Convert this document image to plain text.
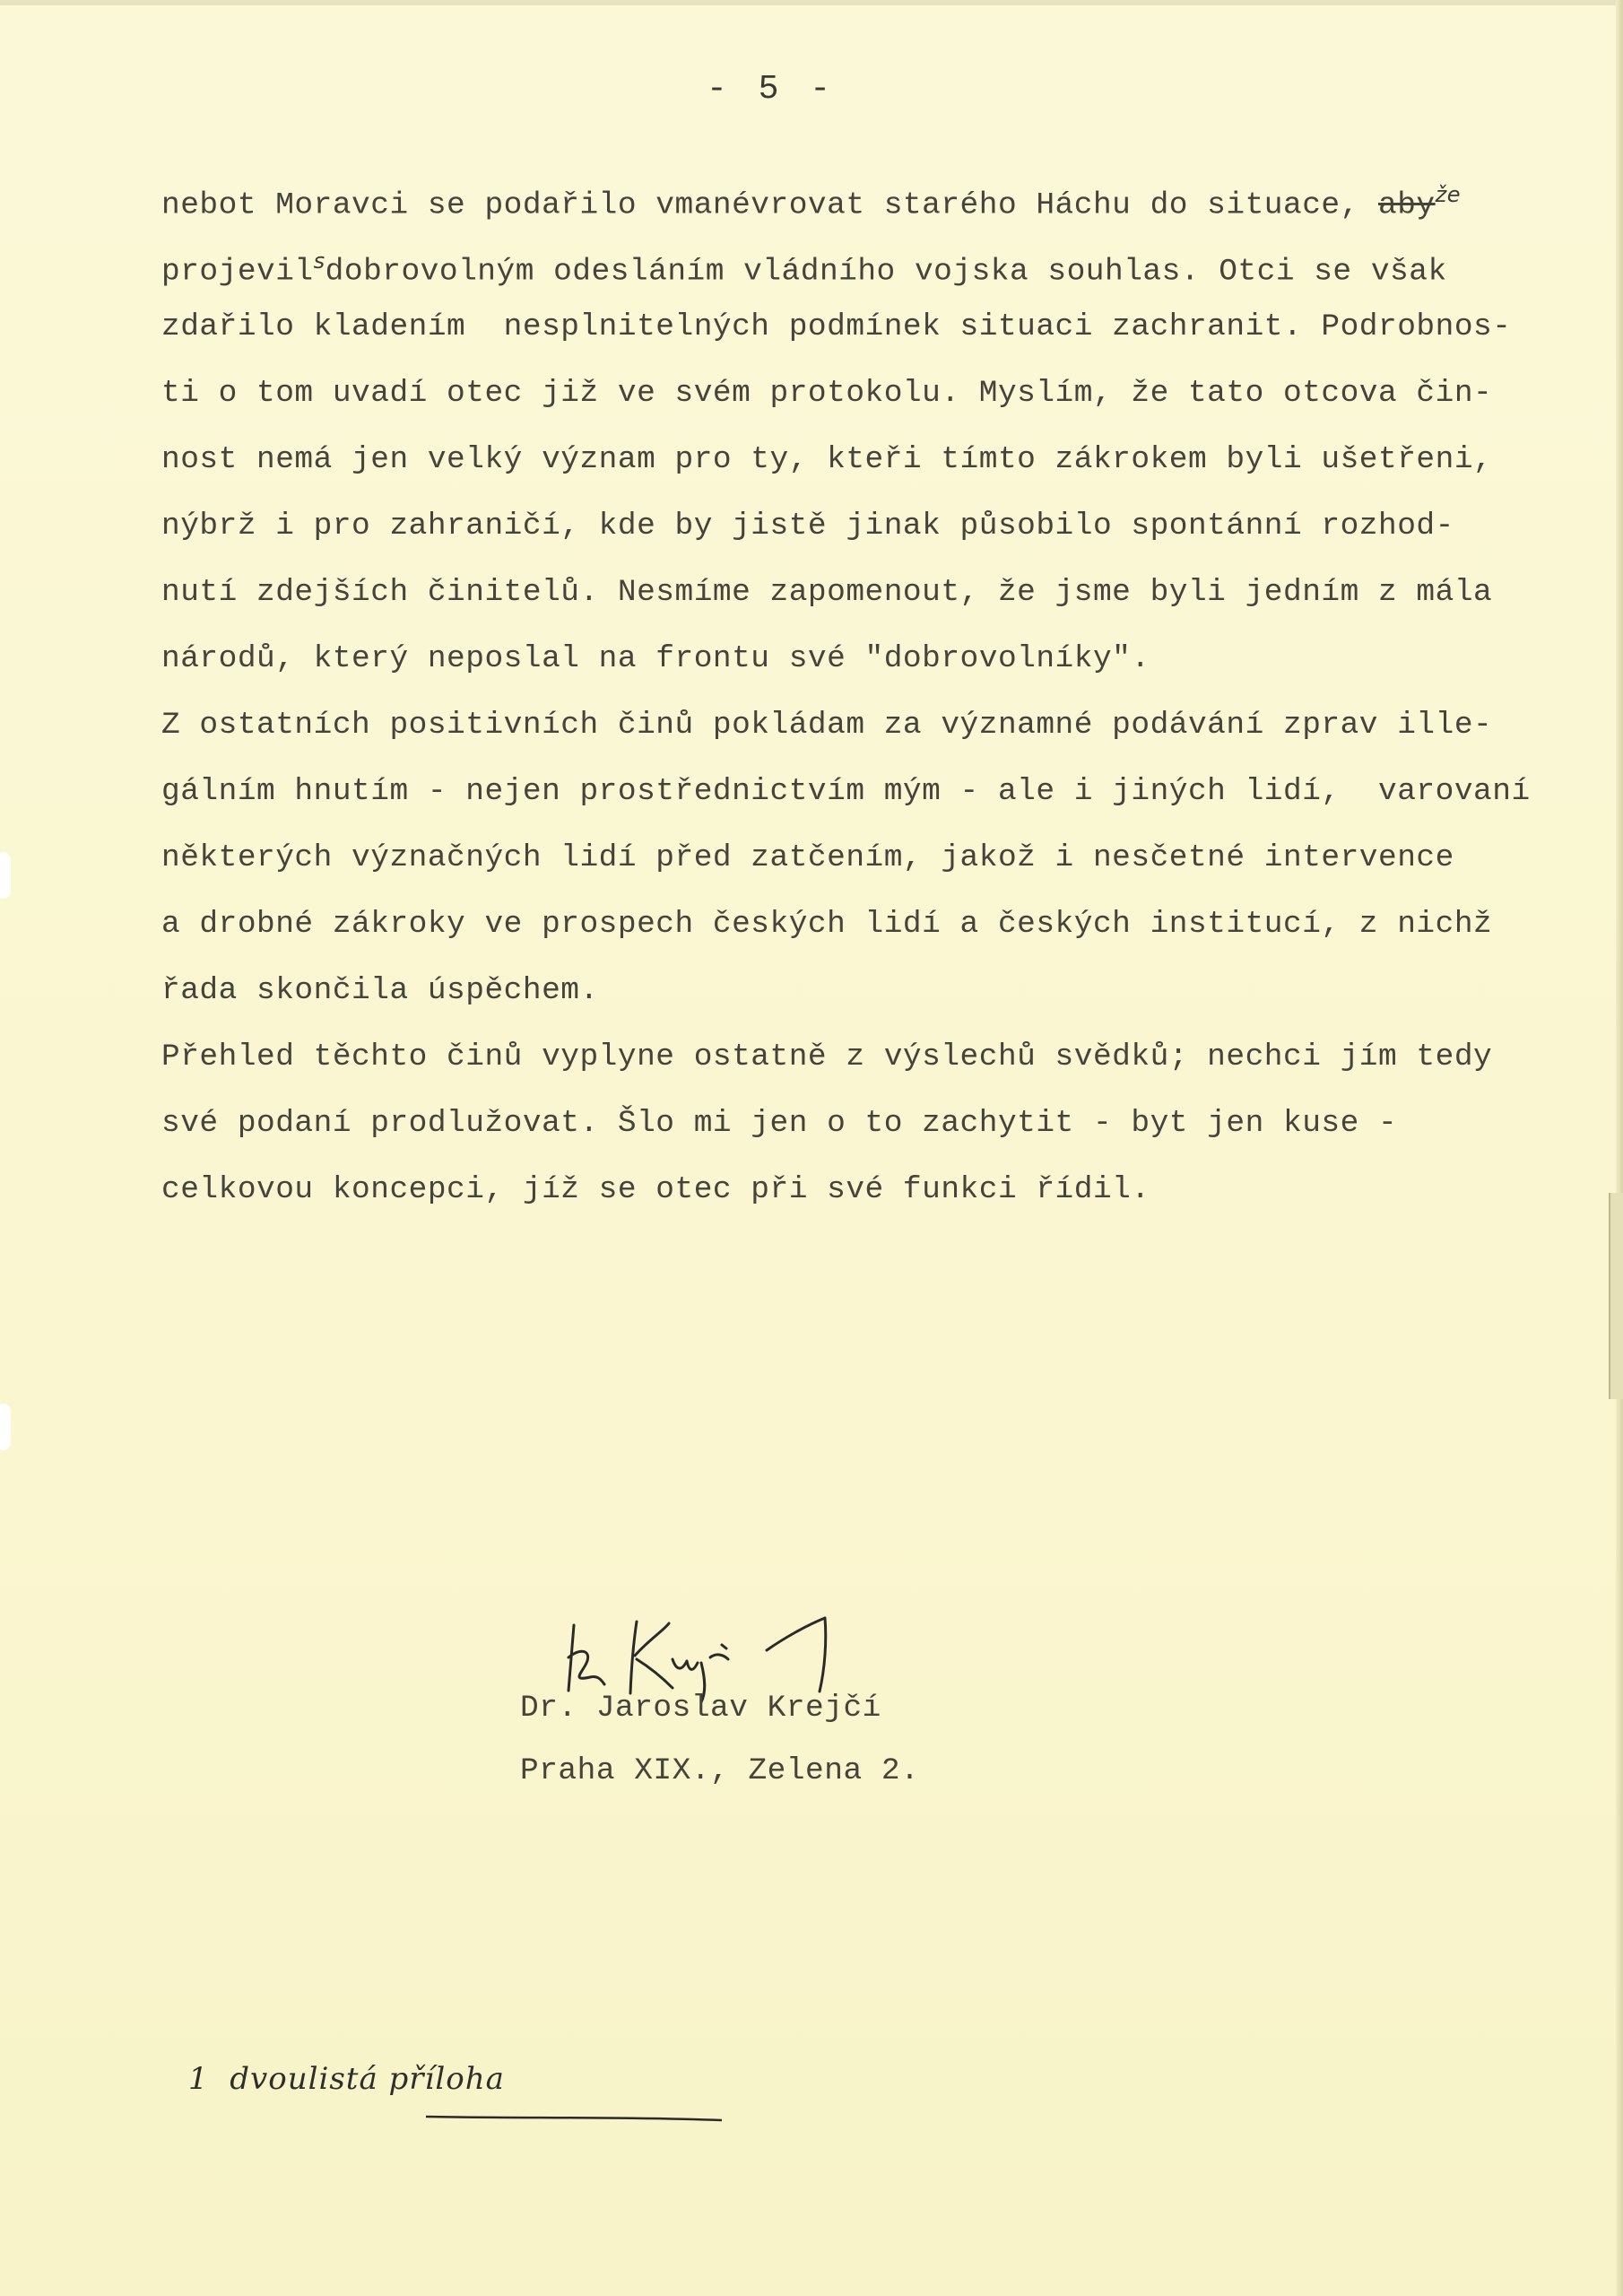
- 5 -
nebot Moravci se podařilo vmanévrovat starého Háchu do situace, aby$^{že}$
projevil$^s$dobrovolným odesláním vládního vojska souhlas. Otci se však
zdařilo kladením  nesplnitelných podmínek situaci zachranit. Podrobnos-
ti o tom uvadí otec již ve svém protokolu. Myslím, že tato otcova čin-
nost nemá jen velký význam pro ty, kteři tímto zákrokem byli ušetřeni,
nýbrž i pro zahraničí, kde by jistě jinak působilo spontánní rozhod-
nutí zdejších činitelů. Nesmíme zapomenout, že jsme byli jedním z mála
národů, který neposlal na frontu své "dobrovolníky".
Z ostatních positivních činů pokládam za významné podávání zprav ille-
gálním hnutím - nejen prostřednictvím mým - ale i jiných lidí,  varovaní
některých význačných lidí před zatčením, jakož i nesčetné intervence
a drobné zákroky ve prospech českých lidí a českých institucí, z nichž
řada skončila úspěchem.
Přehled těchto činů vyplyne ostatně z výslechů svědků; nechci jím tedy
své podaní prodlužovat. Šlo mi jen o to zachytit - byt jen kuse -
celkovou koncepci, jíž se otec při své funkci řídil.
Dr. Jaroslav Krejčí
Praha XIX., Zelena 2.
1  dvoulistá příloha
